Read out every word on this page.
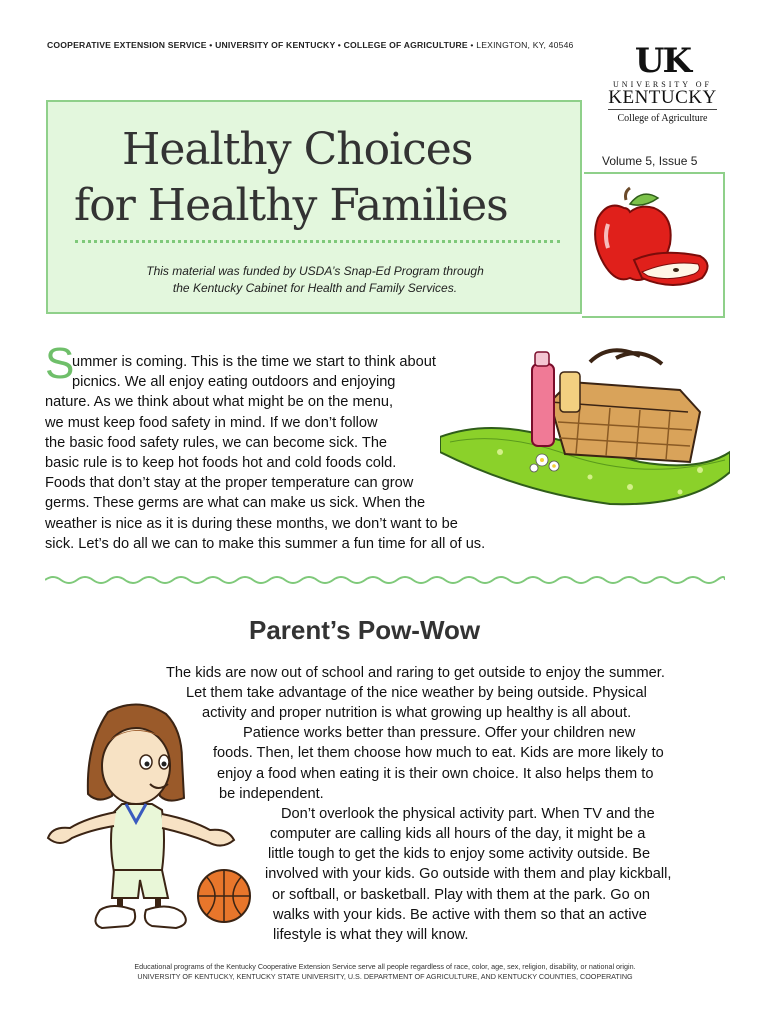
COOPERATIVE EXTENSION SERVICE • UNIVERSITY OF KENTUCKY • COLLEGE OF AGRICULTURE • LEXINGTON, KY, 40546	UK
UNIVERSITY OF
KENTUCKY
College of Agriculture
Healthy Choices
for Healthy Families
This material was funded by USDA’s Snap-Ed Program through
the Kentucky Cabinet for Health and Family Services.
Volume 5, Issue 5
S
ummer is coming. This is the time we start to think about
picnics. We all enjoy eating outdoors and enjoying
nature. As we think about what might be on the menu,
we must keep food safety in mind. If we don’t follow
the basic food safety rules, we can become sick. The
basic rule is to keep hot foods hot and cold foods cold.
Foods that don’t stay at the proper temperature can grow
germs. These germs are what can make us sick. When the
weather is nice as it is during these months, we don’t want to be
sick. Let’s do all we can to make this summer a fun time for all of us.
Parent’s Pow-Wow
The kids are now out of school and raring to get outside to enjoy the summer.
Let them take advantage of the nice weather by being outside. Physical
activity and proper nutrition is what growing up healthy is all about.
Patience works better than pressure. Offer your children new
foods. Then, let them choose how much to eat. Kids are more likely to
enjoy a food when eating it is their own choice. It also helps them to
be independent.
Don’t overlook the physical activity part. When TV and the
computer are calling kids all hours of the day, it might be a
little tough to get the kids to enjoy some activity outside. Be
involved with your kids. Go outside with them and play kickball,
or softball, or basketball. Play with them at the park. Go on
walks with your kids. Be active with them so that an active
lifestyle is what they will know.
Educational programs of the Kentucky Cooperative Extension Service serve all people regardless of race, color, age, sex, religion, disability, or national origin.
UNIVERSITY OF KENTUCKY, KENTUCKY STATE UNIVERSITY, U.S. DEPARTMENT OF AGRICULTURE, AND KENTUCKY COUNTIES, COOPERATING
